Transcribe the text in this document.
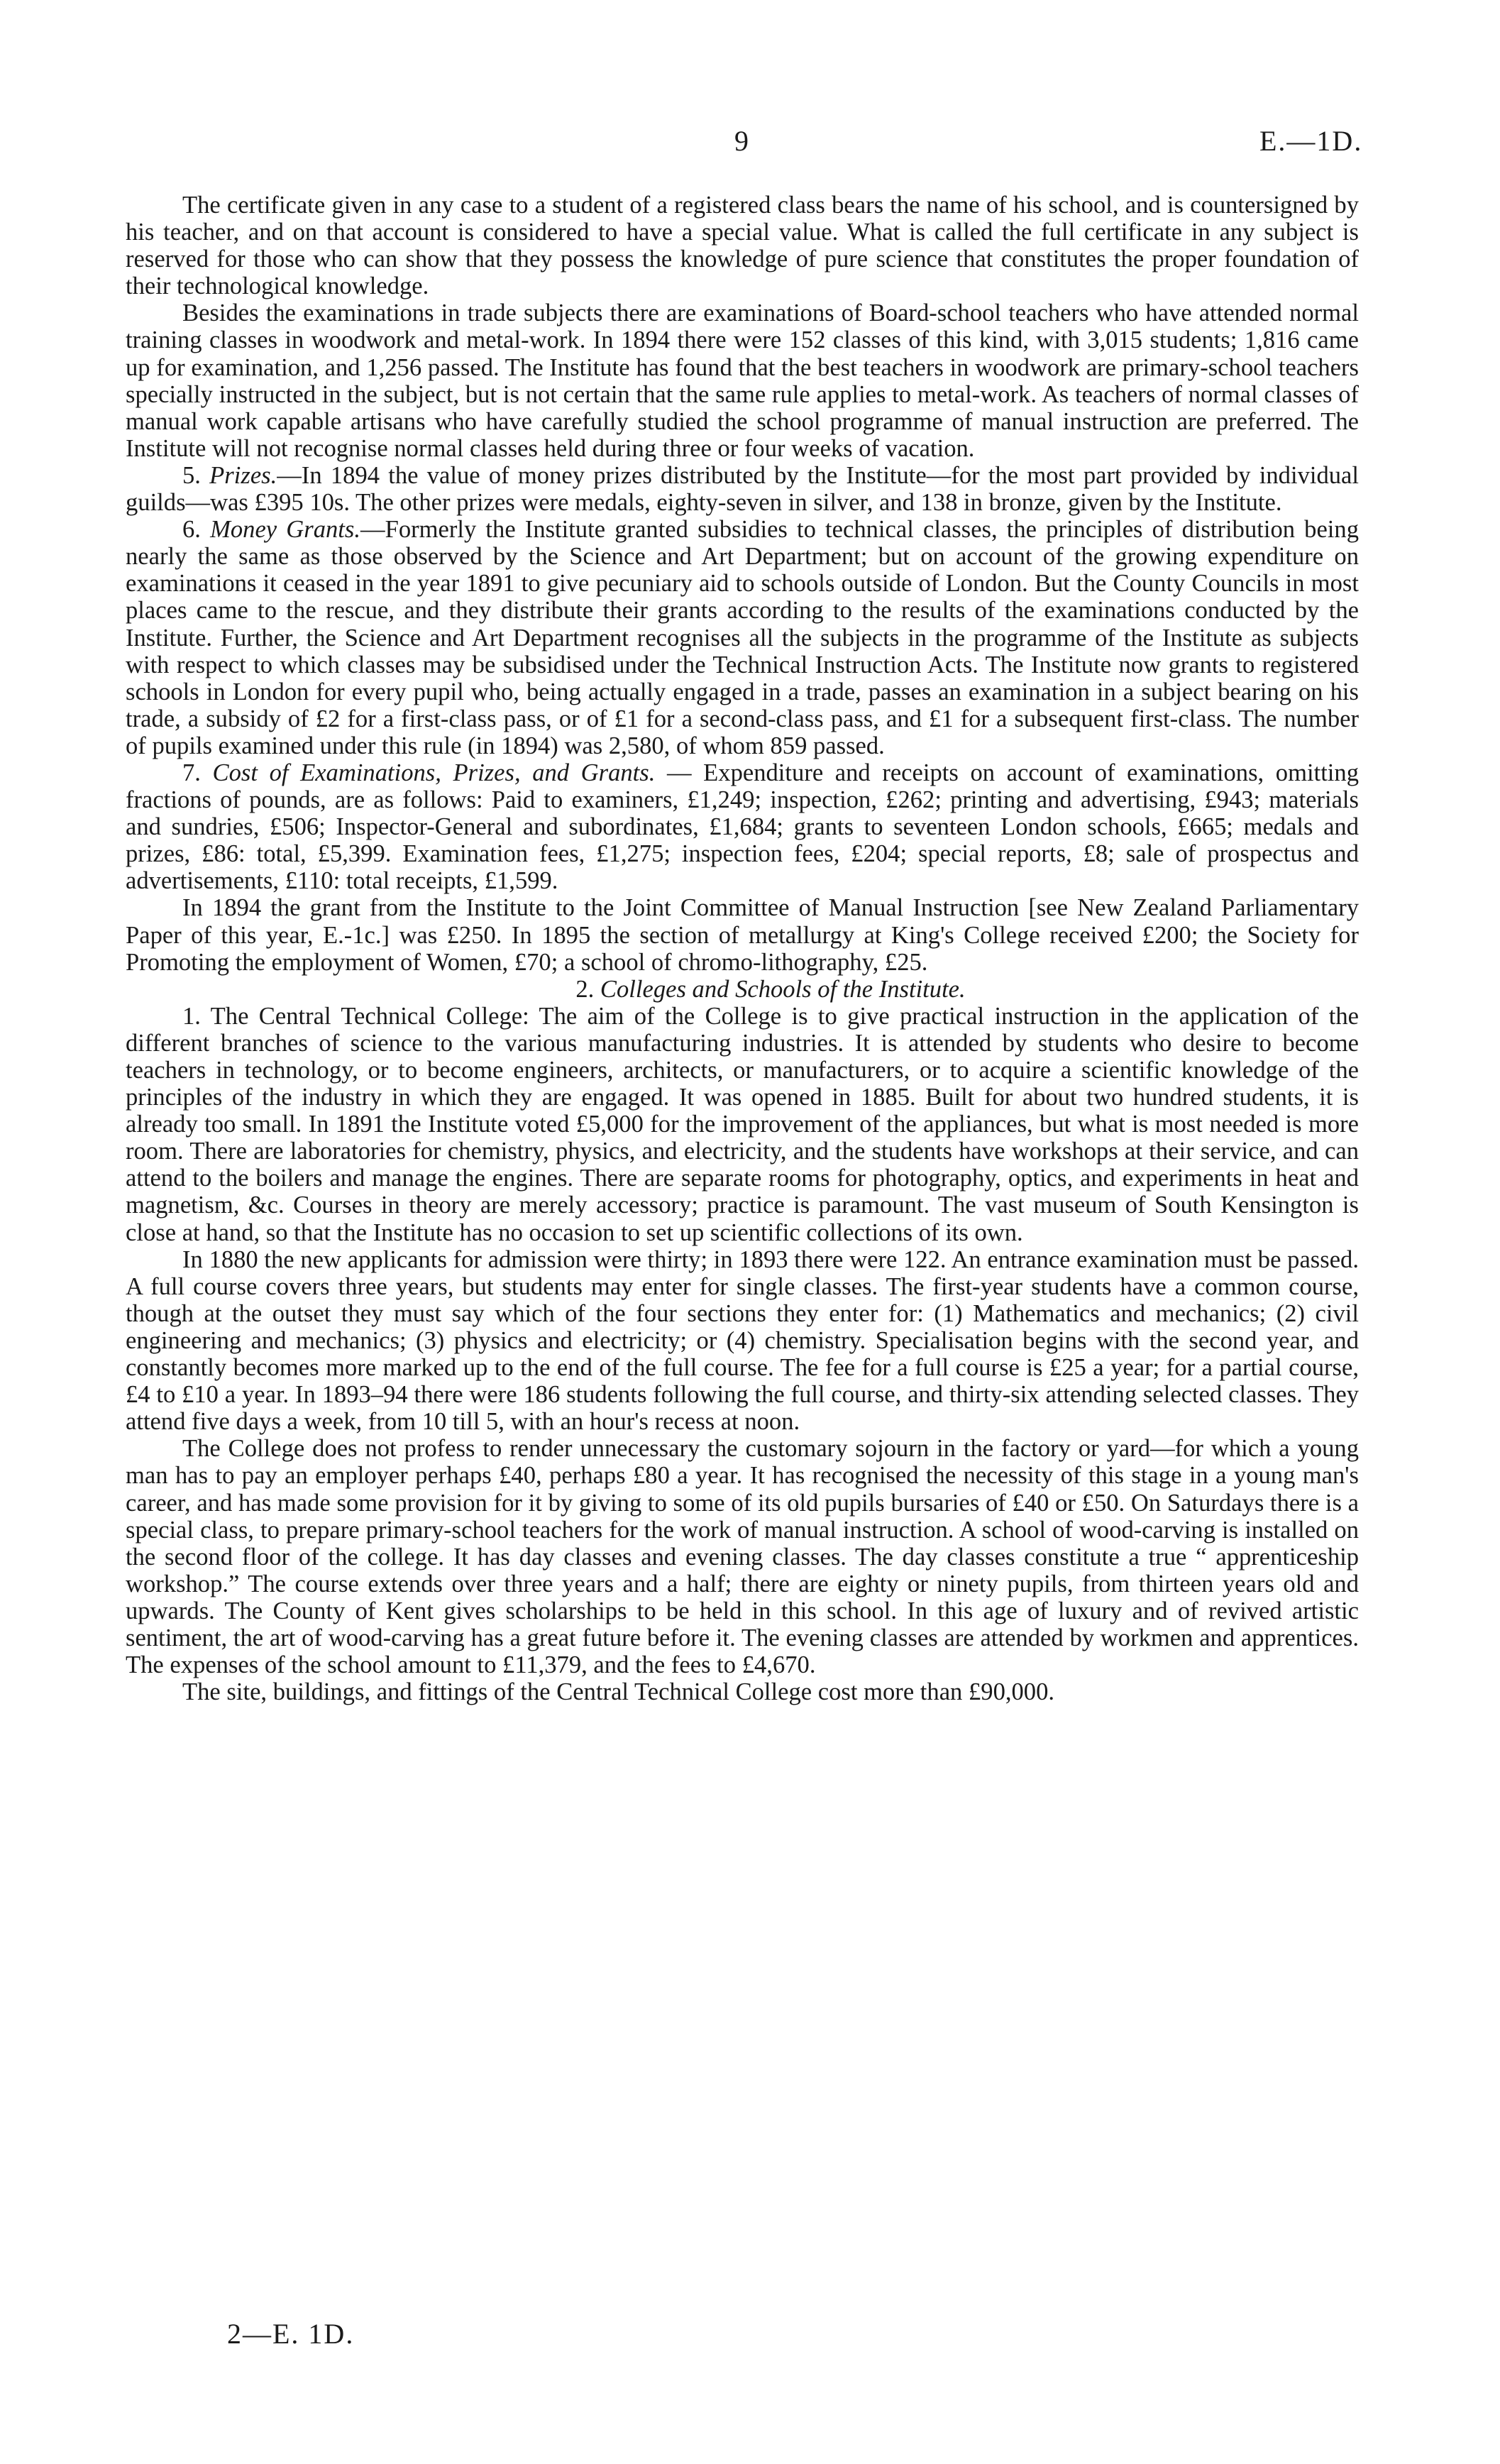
9	E.—1D.

The certificate given in any case to a student of a registered class bears the name of his school, and is countersigned by his teacher, and on that account is considered to have a special value. What is called the full certificate in any subject is reserved for those who can show that they possess the knowledge of pure science that constitutes the proper foundation of their technological knowledge.

Besides the examinations in trade subjects there are examinations of Board-school teachers who have attended normal training classes in woodwork and metal-work. In 1894 there were 152 classes of this kind, with 3,015 students; 1,816 came up for examination, and 1,256 passed. The Institute has found that the best teachers in woodwork are primary-school teachers specially instructed in the subject, but is not certain that the same rule applies to metal-work. As teachers of normal classes of manual work capable artisans who have carefully studied the school programme of manual instruction are preferred. The Institute will not recognise normal classes held during three or four weeks of vacation.

5. Prizes.—In 1894 the value of money prizes distributed by the Institute—for the most part provided by individual guilds—was £395 10s. The other prizes were medals, eighty-seven in silver, and 138 in bronze, given by the Institute.

6. Money Grants.—Formerly the Institute granted subsidies to technical classes, the principles of distribution being nearly the same as those observed by the Science and Art Department; but on account of the growing expenditure on examinations it ceased in the year 1891 to give pecuniary aid to schools outside of London. But the County Councils in most places came to the rescue, and they distribute their grants according to the results of the examinations conducted by the Institute. Further, the Science and Art Department recognises all the subjects in the programme of the Institute as subjects with respect to which classes may be subsidised under the Technical Instruction Acts. The Institute now grants to registered schools in London for every pupil who, being actually engaged in a trade, passes an examination in a subject bearing on his trade, a subsidy of £2 for a first-class pass, or of £1 for a second-class pass, and £1 for a subsequent first-class. The number of pupils examined under this rule (in 1894) was 2,580, of whom 859 passed.

7. Cost of Examinations, Prizes, and Grants. — Expenditure and receipts on account of examinations, omitting fractions of pounds, are as follows: Paid to examiners, £1,249; inspection, £262; printing and advertising, £943; materials and sundries, £506; Inspector-General and subordinates, £1,684; grants to seventeen London schools, £665; medals and prizes, £86: total, £5,399. Examination fees, £1,275; inspection fees, £204; special reports, £8; sale of prospectus and advertisements, £110: total receipts, £1,599.

In 1894 the grant from the Institute to the Joint Committee of Manual Instruction [see New Zealand Parliamentary Paper of this year, E.-1c.] was £250. In 1895 the section of metallurgy at King's College received £200; the Society for Promoting the employment of Women, £70; a school of chromo-lithography, £25.

2. Colleges and Schools of the Institute.

1. The Central Technical College: The aim of the College is to give practical instruction in the application of the different branches of science to the various manufacturing industries. It is attended by students who desire to become teachers in technology, or to become engineers, architects, or manufacturers, or to acquire a scientific knowledge of the principles of the industry in which they are engaged. It was opened in 1885. Built for about two hundred students, it is already too small. In 1891 the Institute voted £5,000 for the improvement of the appliances, but what is most needed is more room. There are laboratories for chemistry, physics, and electricity, and the students have workshops at their service, and can attend to the boilers and manage the engines. There are separate rooms for photography, optics, and experiments in heat and magnetism, &c. Courses in theory are merely accessory; practice is paramount. The vast museum of South Kensington is close at hand, so that the Institute has no occasion to set up scientific collections of its own.

In 1880 the new applicants for admission were thirty; in 1893 there were 122. An entrance examination must be passed. A full course covers three years, but students may enter for single classes. The first-year students have a common course, though at the outset they must say which of the four sections they enter for: (1) Mathematics and mechanics; (2) civil engineering and mechanics; (3) physics and electricity; or (4) chemistry. Specialisation begins with the second year, and constantly becomes more marked up to the end of the full course. The fee for a full course is £25 a year; for a partial course, £4 to £10 a year. In 1893–94 there were 186 students following the full course, and thirty-six attending selected classes. They attend five days a week, from 10 till 5, with an hour's recess at noon.

The College does not profess to render unnecessary the customary sojourn in the factory or yard—for which a young man has to pay an employer perhaps £40, perhaps £80 a year. It has recognised the necessity of this stage in a young man's career, and has made some provision for it by giving to some of its old pupils bursaries of £40 or £50. On Saturdays there is a special class, to prepare primary-school teachers for the work of manual instruction. A school of wood-carving is installed on the second floor of the college. It has day classes and evening classes. The day classes constitute a true “ apprenticeship workshop.” The course extends over three years and a half; there are eighty or ninety pupils, from thirteen years old and upwards. The County of Kent gives scholarships to be held in this school. In this age of luxury and of revived artistic sentiment, the art of wood-carving has a great future before it. The evening classes are attended by workmen and apprentices. The expenses of the school amount to £11,379, and the fees to £4,670.

The site, buildings, and fittings of the Central Technical College cost more than £90,000.

2—E. 1D.
